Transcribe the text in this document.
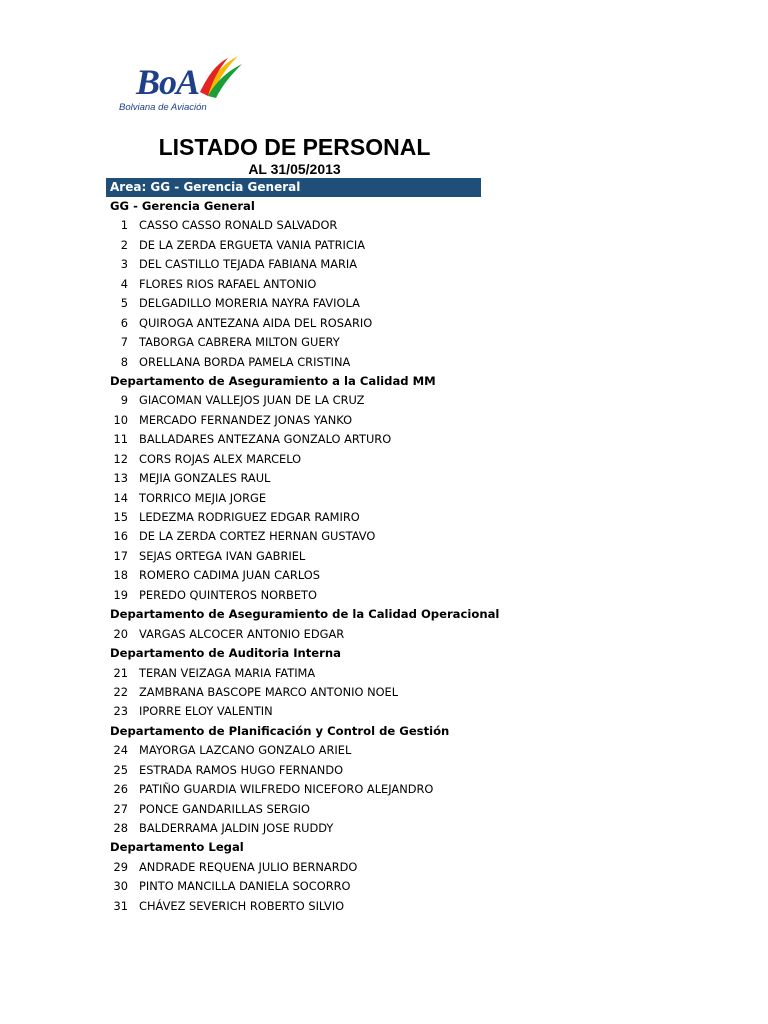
BoA
Bolviana de Aviación
LISTADO DE PERSONAL
AL 31/05/2013
Area: GG - Gerencia General
GG - Gerencia General
1 CASSO CASSO RONALD SALVADOR
2 DE LA ZERDA ERGUETA VANIA PATRICIA
3 DEL CASTILLO TEJADA FABIANA MARIA
4 FLORES RIOS RAFAEL ANTONIO
5 DELGADILLO MORERIA NAYRA FAVIOLA
6 QUIROGA ANTEZANA AIDA DEL ROSARIO
7 TABORGA CABRERA MILTON GUERY
8 ORELLANA BORDA PAMELA CRISTINA
Departamento de Aseguramiento a la Calidad MM
9 GIACOMAN VALLEJOS JUAN DE LA CRUZ
10 MERCADO FERNANDEZ JONAS YANKO
11 BALLADARES ANTEZANA GONZALO ARTURO
12 CORS ROJAS ALEX MARCELO
13 MEJIA GONZALES RAUL
14 TORRICO MEJIA JORGE
15 LEDEZMA RODRIGUEZ EDGAR RAMIRO
16 DE LA ZERDA CORTEZ HERNAN GUSTAVO
17 SEJAS ORTEGA IVAN GABRIEL
18 ROMERO CADIMA JUAN CARLOS
19 PEREDO QUINTEROS NORBETO
Departamento de Aseguramiento de la Calidad Operacional
20 VARGAS ALCOCER ANTONIO EDGAR
Departamento de Auditoria Interna
21 TERAN VEIZAGA MARIA FATIMA
22 ZAMBRANA BASCOPE MARCO ANTONIO NOEL
23 IPORRE ELOY VALENTIN
Departamento de Planificación y Control de Gestión
24 MAYORGA LAZCANO GONZALO ARIEL
25 ESTRADA RAMOS HUGO FERNANDO
26 PATIÑO GUARDIA WILFREDO NICEFORO ALEJANDRO
27 PONCE GANDARILLAS SERGIO
28 BALDERRAMA JALDIN JOSE RUDDY
Departamento Legal
29 ANDRADE REQUENA JULIO BERNARDO
30 PINTO MANCILLA DANIELA SOCORRO
31 CHÁVEZ SEVERICH ROBERTO SILVIO
